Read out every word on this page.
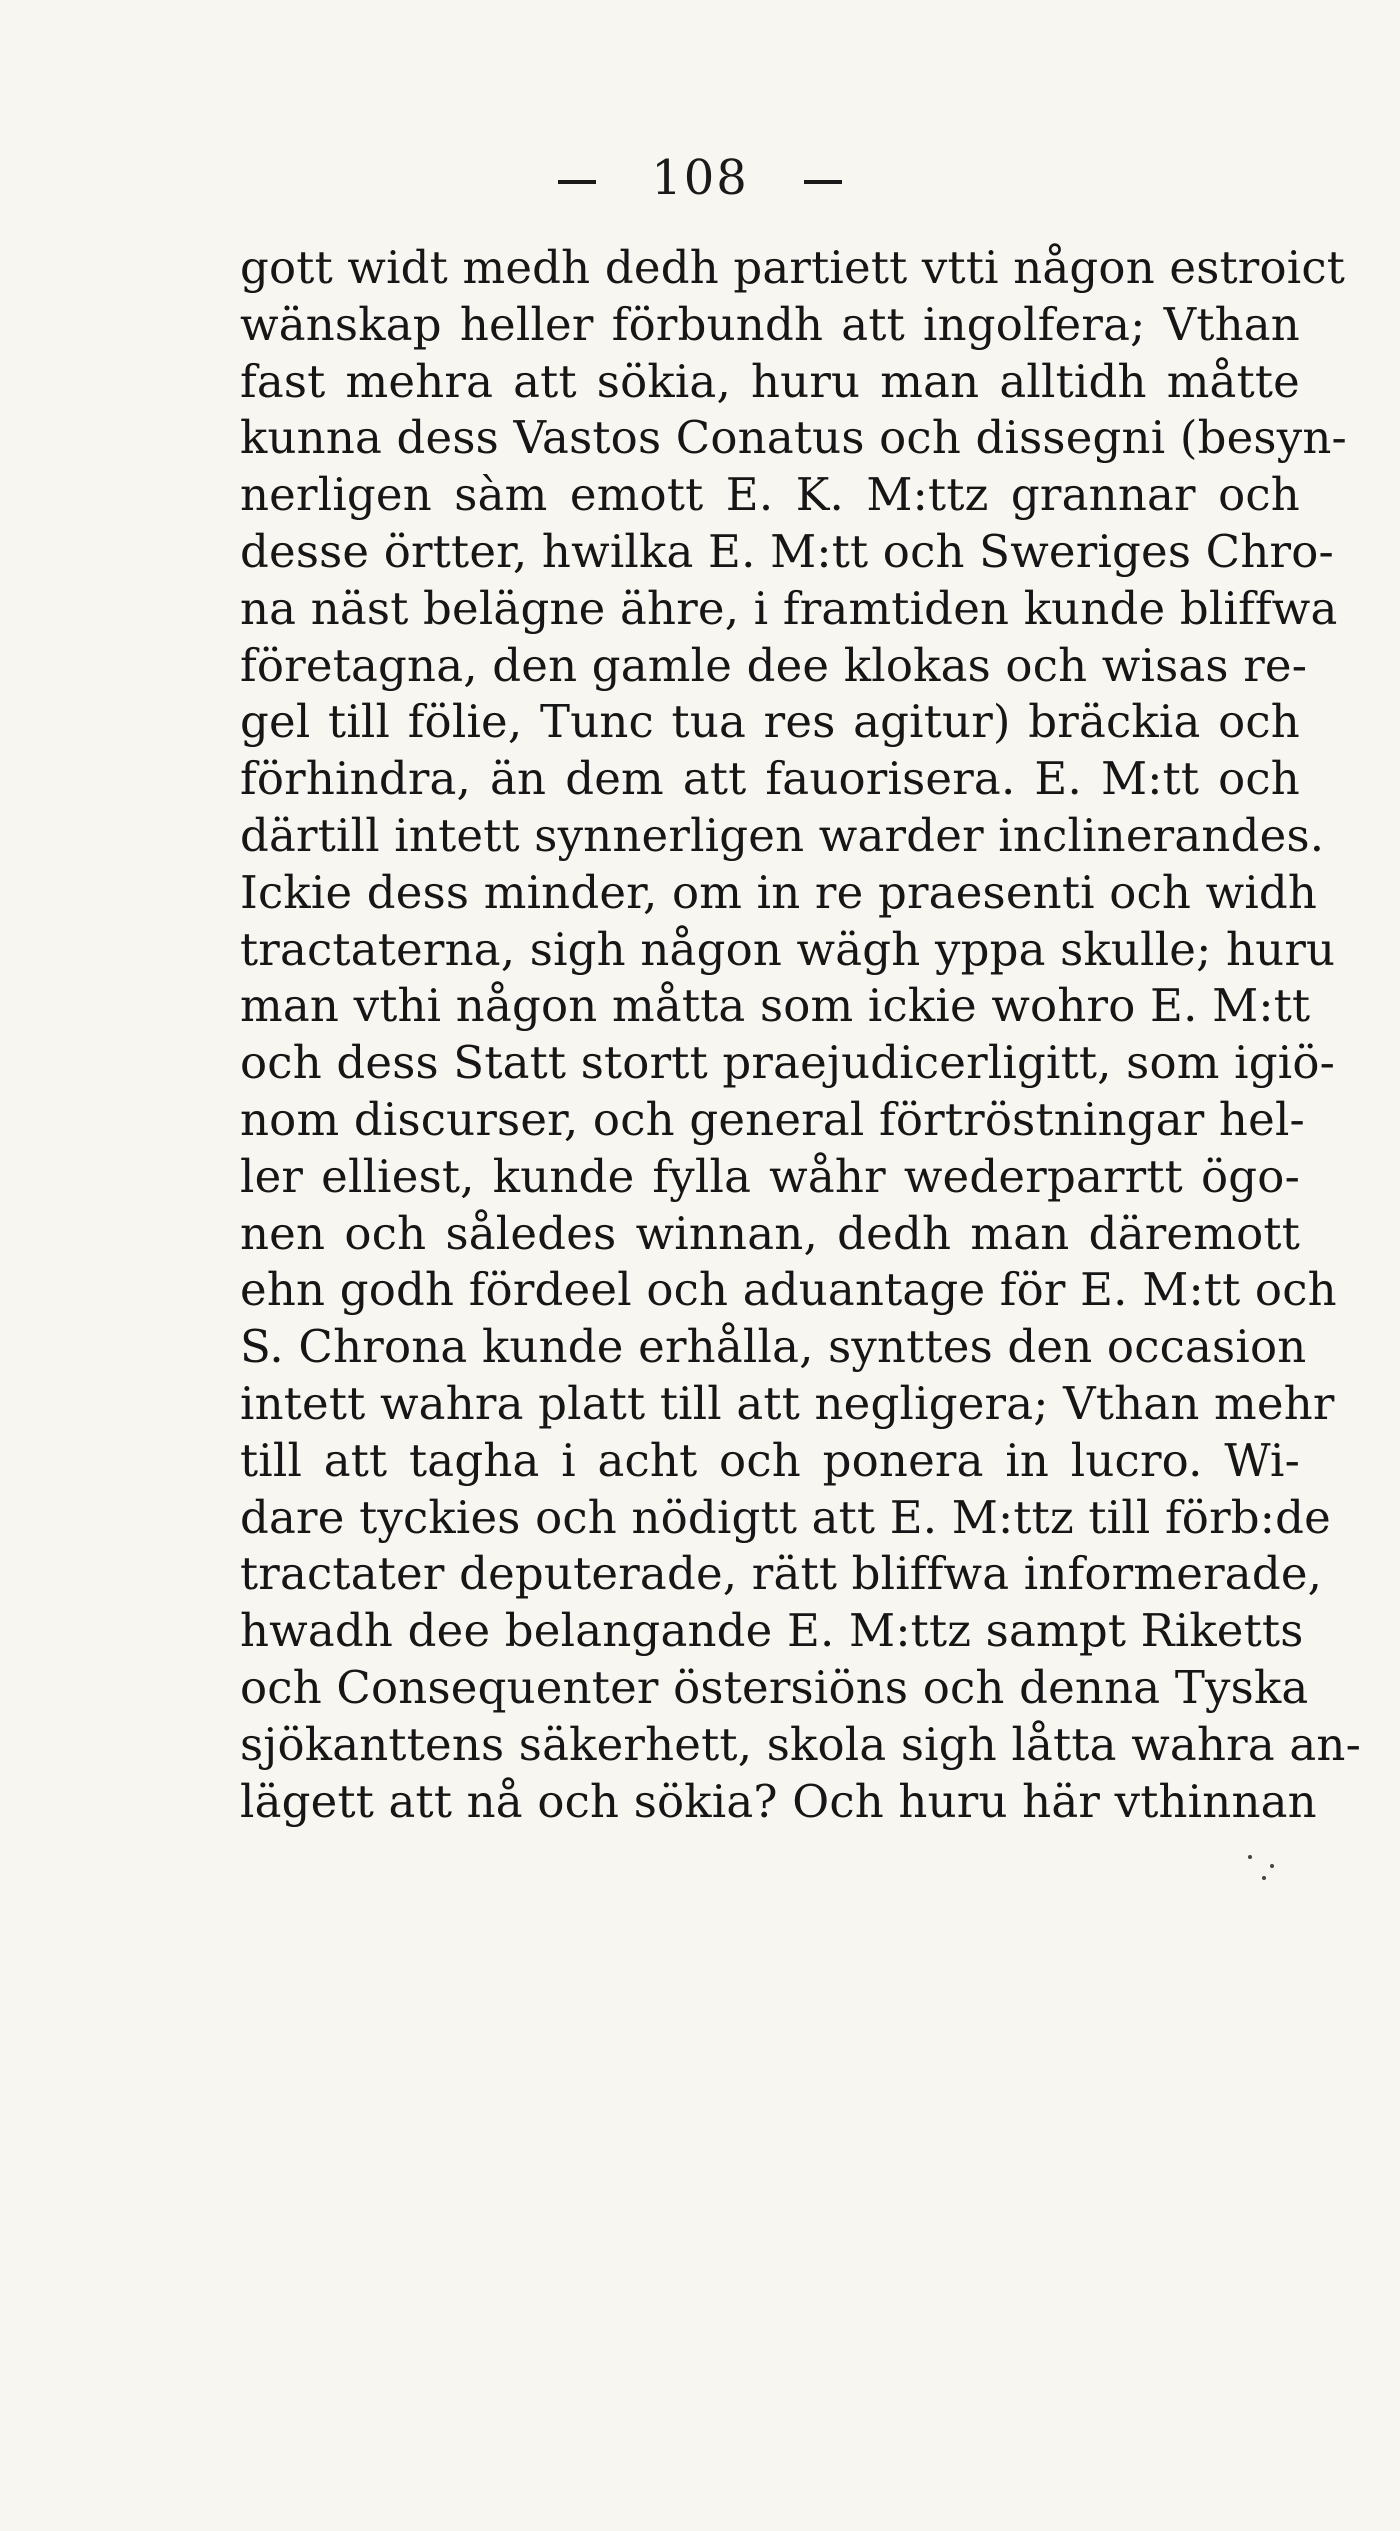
108
gott widt medh dedh partiett vtti någon estroict
wänskap heller förbundh att ingolfera; Vthan
fast mehra att sökia, huru man alltidh måtte
kunna dess Vastos Conatus och dissegni (besyn-
nerligen sàm emott E. K. M:ttz grannar och
desse örtter, hwilka E. M:tt och Sweriges Chro-
na näst belägne ähre, i framtiden kunde bliffwa
företagna, den gamle dee klokas och wisas re-
gel till fölie, Tunc tua res agitur) bräckia och
förhindra, än dem att fauorisera. E. M:tt och
därtill intett synnerligen warder inclinerandes.
Ickie dess minder, om in re praesenti och widh
tractaterna, sigh någon wägh yppa skulle; huru
man vthi någon måtta som ickie wohro E. M:tt
och dess Statt stortt praejudicerligitt, som igiö-
nom discurser, och general förtröstningar hel-
ler elliest, kunde fylla wåhr wederparrtt ögo-
nen och således winnan, dedh man däremott
ehn godh fördeel och aduantage för E. M:tt och
S. Chrona kunde erhålla, synttes den occasion
intett wahra platt till att negligera; Vthan mehr
till att tagha i acht och ponera in lucro. Wi-
dare tyckies och nödigtt att E. M:ttz till förb:de
tractater deputerade, rätt bliffwa informerade,
hwadh dee belangande E. M:ttz sampt Riketts
och Consequenter östersiöns och denna Tyska
sjökanttens säkerhett, skola sigh låtta wahra an-
lägett att nå och sökia? Och huru här vthinnan
